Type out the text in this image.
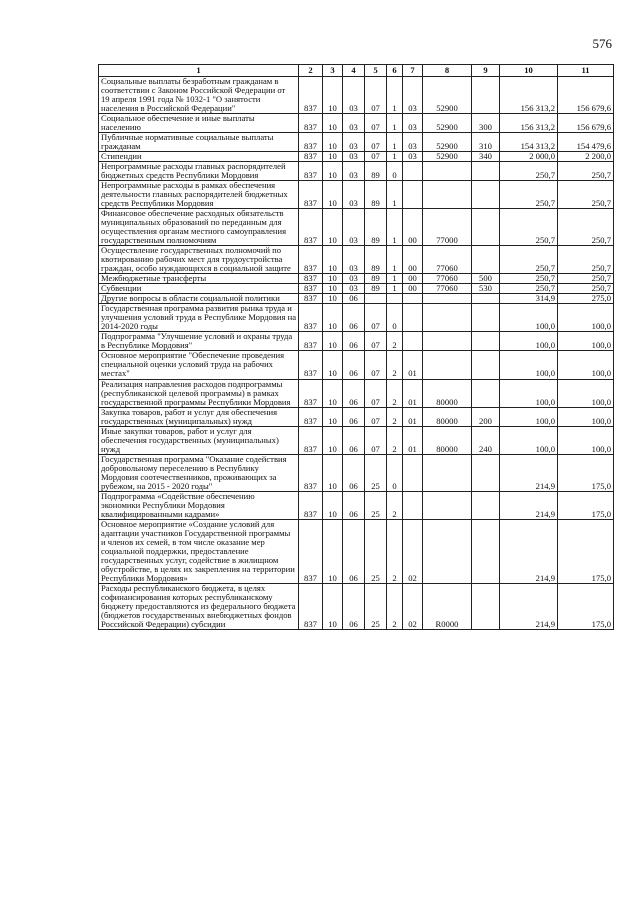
576
1	2	3	4	5	6	7	8	9	10	11
Социальные выплаты безработным гражданам в соответствии с Законом Российской Федерации от 19 апреля 1991 года № 1032-1 "О занятости населения в Российской Федерации"	837	10	03	07	1	03	52900		156 313,2	156 679,6
Социальное обеспечение и иные выплаты населению	837	10	03	07	1	03	52900	300	156 313,2	156 679,6
Публичные нормативные социальные выплаты гражданам	837	10	03	07	1	03	52900	310	154 313,2	154 479,6
Стипендии	837	10	03	07	1	03	52900	340	2 000,0	2 200,0
Непрограммные расходы главных распорядителей бюджетных средств Республики Мордовия	837	10	03	89	0				250,7	250,7
Непрограммные расходы в рамках обеспечения деятельности главных распорядителей бюджетных средств Республики Мордовия	837	10	03	89	1				250,7	250,7
Финансовое обеспечение расходных обязательств муниципальных образований по переданным для осуществления органам местного самоуправления государственным полномочиям	837	10	03	89	1	00	77000		250,7	250,7
Осуществление государственных полномочий по квотированию рабочих мест для трудоустройства граждан, особо нуждающихся в социальной защите	837	10	03	89	1	00	77060		250,7	250,7
Межбюджетные трансферты	837	10	03	89	1	00	77060	500	250,7	250,7
Субвенции	837	10	03	89	1	00	77060	530	250,7	250,7
Другие вопросы в области социальной политики	837	10	06						314,9	275,0
Государственная программа развития рынка труда и улучшения условий труда в Республике Мордовия на 2014-2020 годы	837	10	06	07	0				100,0	100,0
Подпрограмма "Улучшение условий и охраны труда в Республике Мордовия"	837	10	06	07	2				100,0	100,0
Основное мероприятие "Обеспечение проведения специальной оценки условий труда на рабочих местах"	837	10	06	07	2	01			100,0	100,0
Реализация направления расходов подпрограммы (республиканской целевой программы) в рамках государственной программы Республики Мордовия	837	10	06	07	2	01	80000		100,0	100,0
Закупка товаров, работ и услуг для обеспечения государственных (муниципальных) нужд	837	10	06	07	2	01	80000	200	100,0	100,0
Иные закупки товаров, работ и услуг для обеспечения государственных (муниципальных) нужд	837	10	06	07	2	01	80000	240	100,0	100,0
Государственная программа "Оказание содействия добровольному переселению в Республику Мордовия соотечественников, проживающих за рубежом, на 2015 - 2020 годы"	837	10	06	25	0				214,9	175,0
Подпрограмма «Содействие обеспечению экономики Республики Мордовия квалифицированными кадрами»	837	10	06	25	2				214,9	175,0
Основное мероприятие «Создание условий для адаптации участников Государственной программы и членов их семей, в том числе оказание мер социальной поддержки, предоставление государственных услуг, содействие в жилищном обустройстве, в целях их закрепления на территории Республики Мордовия»	837	10	06	25	2	02			214,9	175,0
Расходы республиканского бюджета, в целях софинансирования которых республиканскому бюджету предоставляются из федерального бюджета (бюджетов государственных внебюджетных фондов Российской Федерации) субсидии	837	10	06	25	2	02	R0000		214,9	175,0
